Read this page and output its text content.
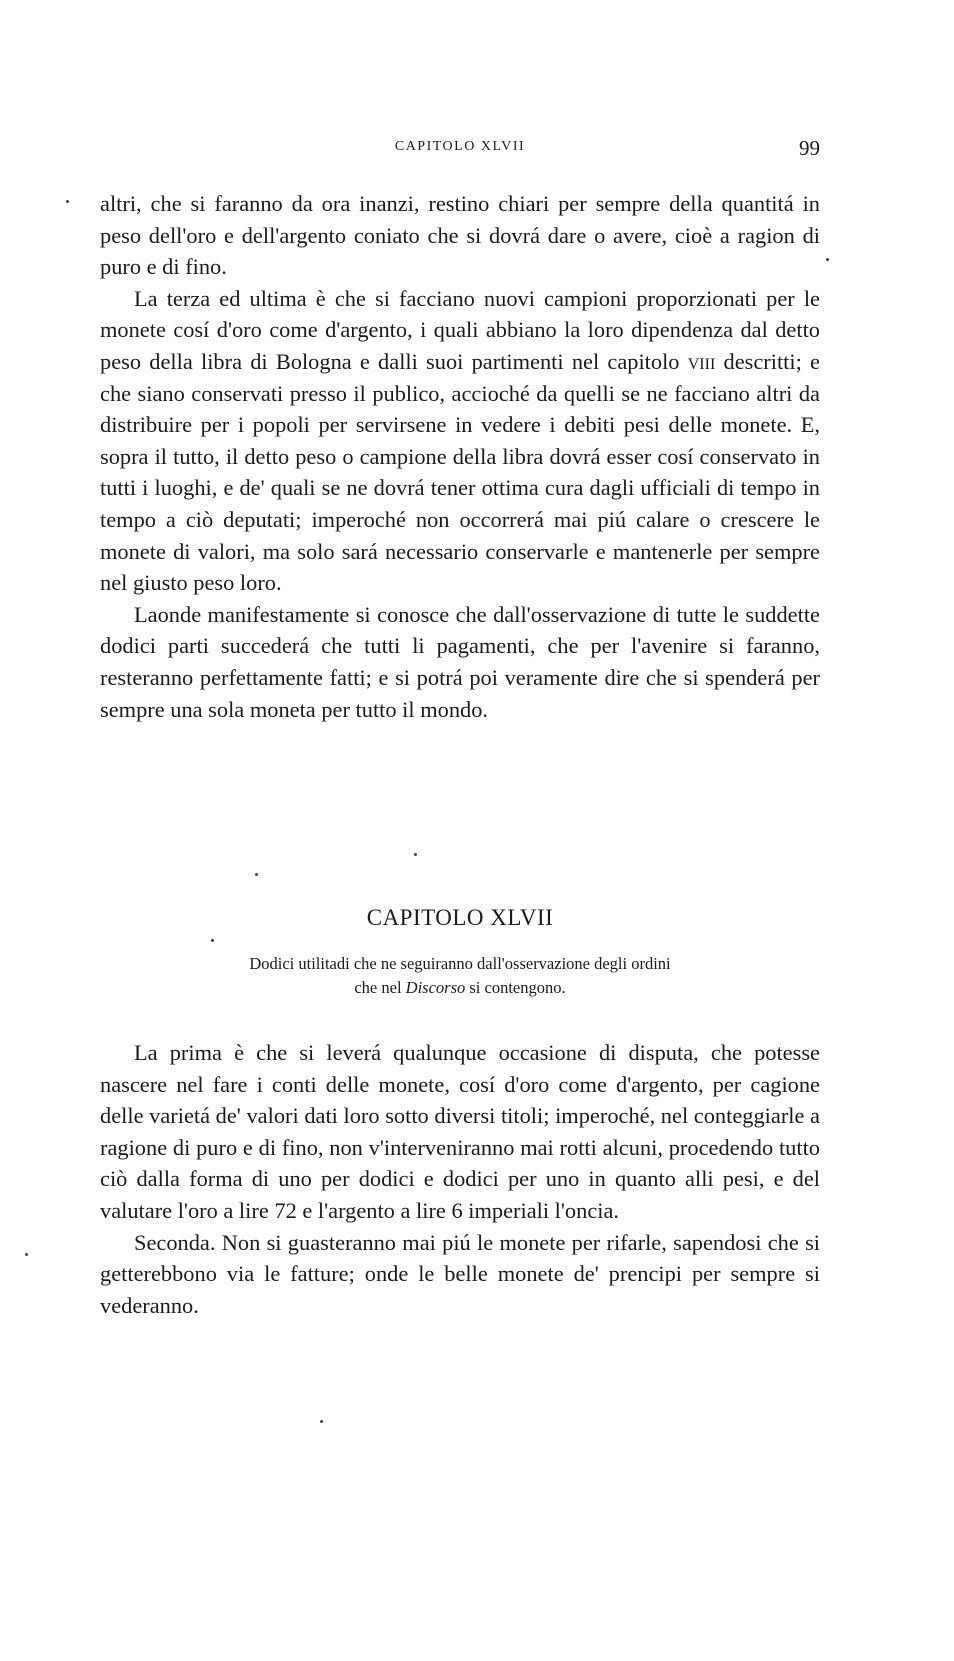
CAPITOLO XLVII	99

altri, che si faranno da ora inanzi, restino chiari per sempre della quantitá in peso dell'oro e dell'argento coniato che si dovrá dare o avere, cioè a ragion di puro e di fino.

La terza ed ultima è che si facciano nuovi campioni proporzionati per le monete cosí d'oro come d'argento, i quali abbiano la loro dipendenza dal detto peso della libra di Bologna e dalli suoi partimenti nel capitolo viii descritti; e che siano conservati presso il publico, accioché da quelli se ne facciano altri da distribuire per i popoli per servirsene in vedere i debiti pesi delle monete. E, sopra il tutto, il detto peso o campione della libra dovrá esser cosí conservato in tutti i luoghi, e de' quali se ne dovrá tener ottima cura dagli ufficiali di tempo in tempo a ciò deputati; imperoché non occorrerá mai piú calare o crescere le monete di valori, ma solo sará necessario conservarle e mantenerle per sempre nel giusto peso loro.

Laonde manifestamente si conosce che dall'osservazione di tutte le suddette dodici parti succederá che tutti li pagamenti, che per l'avenire si faranno, resteranno perfettamente fatti; e si potrá poi veramente dire che si spenderá per sempre una sola moneta per tutto il mondo.

CAPITOLO XLVII
Dodici utilitadi che ne seguiranno dall'osservazione degli ordini
che nel Discorso si contengono.

La prima è che si leverá qualunque occasione di disputa, che potesse nascere nel fare i conti delle monete, cosí d'oro come d'argento, per cagione delle varietá de' valori dati loro sotto diversi titoli; imperoché, nel conteggiarle a ragione di puro e di fino, non v'interveniranno mai rotti alcuni, procedendo tutto ciò dalla forma di uno per dodici e dodici per uno in quanto alli pesi, e del valutare l'oro a lire 72 e l'argento a lire 6 imperiali l'oncia.

Seconda. Non si guasteranno mai piú le monete per rifarle, sapendosi che si getterebbono via le fatture; onde le belle monete de' prencipi per sempre si vederanno.
